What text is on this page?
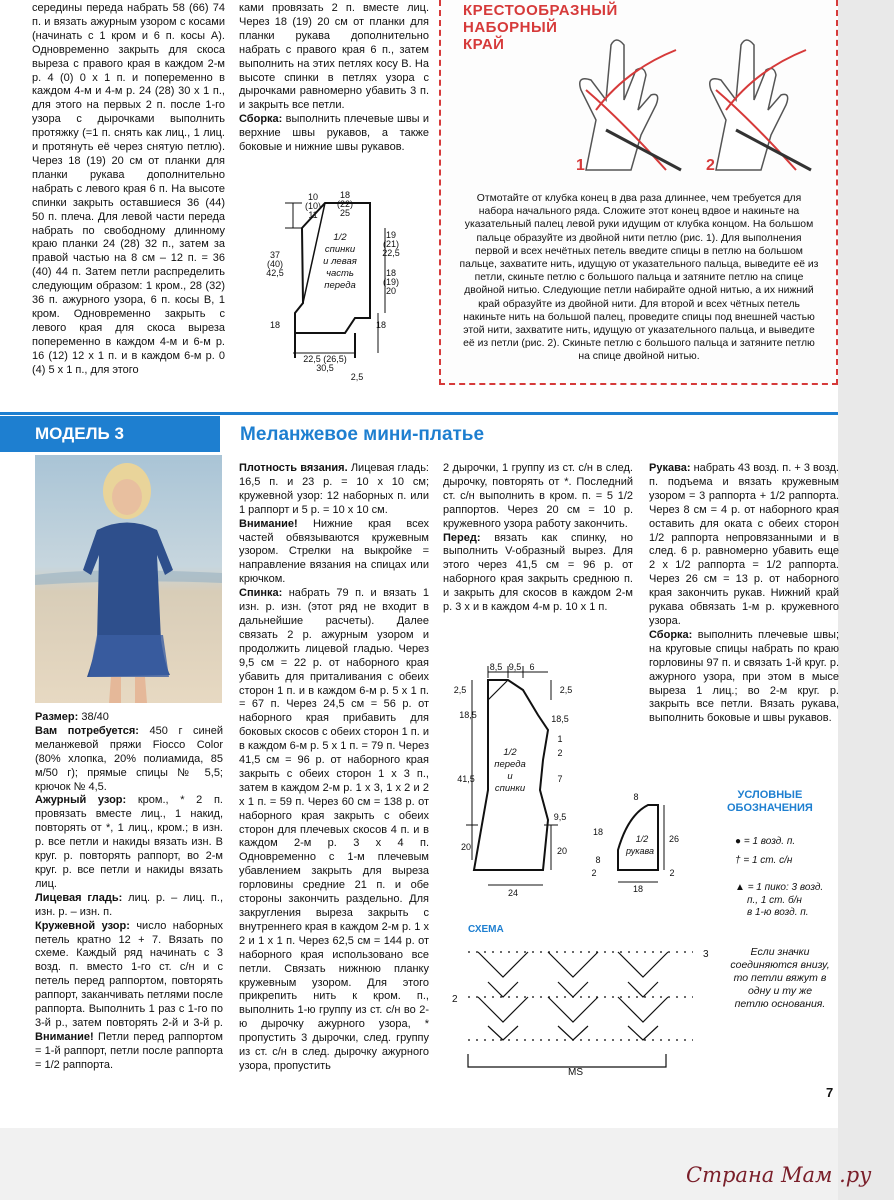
середины переда набрать 58 (66) 74 п. и вязать ажурным узором с косами (начинать с 1 кром и 6 п. косы А). Одновременно закрыть для скоса выреза с правого края в каждом 2-м р. 4 (0) 0 х 1 п. и попеременно в каждом 4-м и 4-м р. 24 (28) 30 х 1 п., для этого на первых 2 п. после 1-го узора с дырочками выполнить протяжку (=1 п. снять как лиц., 1 лиц. и протянуть её через снятую петлю). Через 18 (19) 20 см от планки для планки рукава дополнительно набрать с левого края 6 п. На высоте спинки закрыть оставшиеся 36 (44) 50 п. плеча. Для левой части переда набрать по свободному длинному краю планки 24 (28) 32 п., затем за правой частью на 8 см – 12 п. = 36 (40) 44 п. Затем петли распределить следующим образом: 1 кром., 28 (32) 36 п. ажурного узора, 6 п. косы В, 1 кром. Одновременно закрыть с левого края для скоса выреза попеременно в каждом 4-м и 6-м р. 16 (12) 12 х 1 п. и в каждом 6-м р. 0 (4) 5 х 1 п., для этого

ками провязать 2 п. вместе лиц. Через 18 (19) 20 см от планки для планки рукава дополнительно набрать с правого края 6 п., затем выполнить на этих петлях косу В. На высоте спинки в петлях узора с дырочками равномерно убавить 3 п. и закрыть все петли.

Сборка: выполнить плечевые швы и верхние швы рукавов, а также боковые и нижние швы рукавов.

10
(10)
11
18
(22)
25
19
(21)
22,5
18
(19)
20
37
(40)
42,5
18	18
22,5 (26,5)
30,5
2,5
1/2
спинки
и левая
часть
переда
КРЕСТООБРАЗНЫЙ
НАБОРНЫЙ
КРАЙ
1	2
Отмотайте от клубка конец в два раза длиннее, чем требуется для набора начального ряда. Сложите этот конец вдвое и накиньте на указательный палец левой руки идущим от клубка концом. На большом пальце образуйте из двойной нити петлю (рис. 1). Для выполнения первой и всех нечётных петель введите спицы в петлю на большом пальце, захватите нить, идущую от указательного пальца, выведите её из петли, скиньте петлю с большого пальца и затяните петлю на спице двойной нитью. Следующие петли набирайте одной нитью, а их нижний край образуйте из двойной нити. Для второй и всех чётных петель накиньте нить на большой палец, проведите спицы под внешней частью этой нити, захватите нить, идущую от указательного пальца, и выведите её из петли (рис. 2). Скиньте петлю с большого пальца и затяните петлю на спице двойной нитью.
МОДЕЛЬ 3	Меланжевое мини-платье

Размер: 38/40

Вам потребуется: 450 г синей меланжевой пряжи Fiocco Color (80% хлопка, 20% полиамида, 85 м/50 г); прямые спицы № 5,5; крючок № 4,5.

Ажурный узор: кром., * 2 п. провязать вместе лиц., 1 накид, повторять от *, 1 лиц., кром.; в изн. р. все петли и накиды вязать изн. В круг. р. повторять раппорт, во 2-м круг. р. все петли и накиды вязать лиц.

Лицевая гладь: лиц. р. – лиц. п., изн. р. – изн. п.

Кружевной узор: число наборных петель кратно 12 + 7. Вязать по схеме. Каждый ряд начинать с 3 возд. п. вместо 1-го ст. с/н и с петель перед раппортом, повторять раппорт, заканчивать петлями после раппорта. Выполнить 1 раз с 1-го по 3-й р., затем повторять 2-й и 3-й р. Внимание! Петли перед раппортом = 1-й раппорт, петли после раппорта = 1/2 раппорта.

Плотность вязания. Лицевая гладь: 16,5 п. и 23 р. = 10 х 10 см; кружевной узор: 12 наборных п. или 1 раппорт и 5 р. = 10 х 10 см.

Внимание! Нижние края всех частей обвязываются кружевным узором. Стрелки на выкройке = направление вязания на спицах или крючком.

Спинка: набрать 79 п. и вязать 1 изн. р. изн. (этот ряд не входит в дальнейшие расчеты). Далее связать 2 р. ажурным узором и продолжить лицевой гладью. Через 9,5 см = 22 р. от наборного края убавить для приталивания с обеих сторон 1 п. и в каждом 6-м р. 5 х 1 п. = 67 п. Через 24,5 см = 56 р. от наборного края прибавить для боковых скосов с обеих сторон 1 п. и в каждом 6-м р. 5 х 1 п. = 79 п. Через 41,5 см = 96 р. от наборного края закрыть с обеих сторон 1 х 3 п., затем в каждом 2-м р. 1 х 3, 1 х 2 и 2 х 1 п. = 59 п. Через 60 см = 138 р. от наборного края закрыть с обеих сторон для плечевых скосов 4 п. и в каждом 2-м р. 3 х 4 п. Одновременно с 1-м плечевым убавлением закрыть для выреза горловины средние 21 п. и обе стороны закончить раздельно. Для закругления выреза закрыть с внутреннего края в каждом 2-м р. 1 х 2 и 1 х 1 п. Через 62,5 см = 144 р. от наборного края использовано все петли. Связать нижнюю планку кружевным узором. Для этого прикрепить нить к кром. п., выполнить 1-ю группу из ст. с/н во 2-ю дырочку ажурного узора, * пропустить 3 дырочки, след. группу из ст. с/н в след. дырочку ажурного узора, пропустить

2 дырочки, 1 группу из ст. с/н в след. дырочку, повторять от *. Последний ст. с/н выполнить в кром. п. = 5 1/2 раппортов. Через 20 см = 10 р. кружевного узора работу закончить.

Перед: вязать как спинку, но выполнить V-образный вырез. Для этого через 41,5 см = 96 р. от наборного края закрыть среднюю п. и закрыть для скосов в каждом 2-м р. 3 х и в каждом 4-м р. 10 х 1 п.

Рукава: набрать 43 возд. п. + 3 возд. п. подъема и вязать кружевным узором = 3 раппорта + 1/2 раппорта. Через 8 см = 4 р. от наборного края оставить для оката с обеих сторон 1/2 раппорта непровязанными и в след. 6 р. равномерно убавить еще 2 х 1/2 раппорта = 1/2 раппорта. Через 26 см = 13 р. от наборного края закончить рукав. Нижний край рукава обвязать 1-м р. кружевного узора.

Сборка: выполнить плечевые швы; на круговые спицы набрать по краю горловины 97 п. и связать 1-й круг. р. ажурного узора, при этом в мысе выреза 1 лиц.; во 2-м круг. р. закрыть все петли. Вязать рукава, выполнить боковые и швы рукавов.

8,5 9,5 6
2,5	2,5
18,5	18,5
1
2
7
41,5
9,5
20	20
24
1/2
переда
и
спинки
8
18
8
2
26
2
18
1/2
рукава
СХЕМА
3
2
MS
УСЛОВНЫЕ
ОБОЗНАЧЕНИЯ
● = 1 возд. п.
† = 1 ст. с/н
▲ = 1 пико: 3 возд.
п., 1 ст. б/н
в 1-ю возд. п.
Если значки соединяются внизу, то петли вяжут в одну и ту же петлю основания.
7
Страна Мам .ру
